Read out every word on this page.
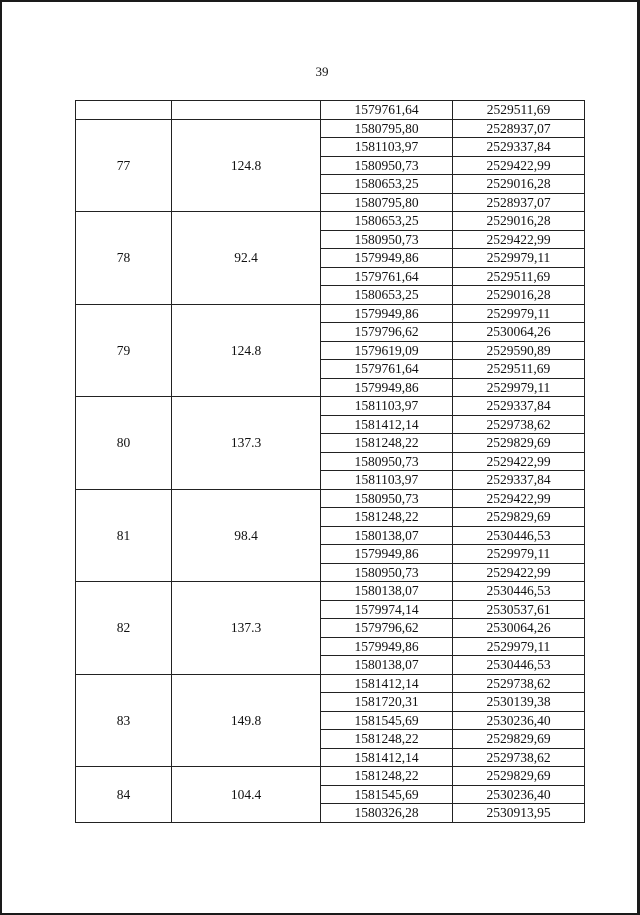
39
		1579761,64	2529511,69
77	124.8	1580795,80	2528937,07
		1581103,97	2529337,84
		1580950,73	2529422,99
		1580653,25	2529016,28
		1580795,80	2528937,07
78	92.4	1580653,25	2529016,28
		1580950,73	2529422,99
		1579949,86	2529979,11
		1579761,64	2529511,69
		1580653,25	2529016,28
79	124.8	1579949,86	2529979,11
		1579796,62	2530064,26
		1579619,09	2529590,89
		1579761,64	2529511,69
		1579949,86	2529979,11
80	137.3	1581103,97	2529337,84
		1581412,14	2529738,62
		1581248,22	2529829,69
		1580950,73	2529422,99
		1581103,97	2529337,84
81	98.4	1580950,73	2529422,99
		1581248,22	2529829,69
		1580138,07	2530446,53
		1579949,86	2529979,11
		1580950,73	2529422,99
82	137.3	1580138,07	2530446,53
		1579974,14	2530537,61
		1579796,62	2530064,26
		1579949,86	2529979,11
		1580138,07	2530446,53
83	149.8	1581412,14	2529738,62
		1581720,31	2530139,38
		1581545,69	2530236,40
		1581248,22	2529829,69
		1581412,14	2529738,62
84	104.4	1581248,22	2529829,69
		1581545,69	2530236,40
		1580326,28	2530913,95
